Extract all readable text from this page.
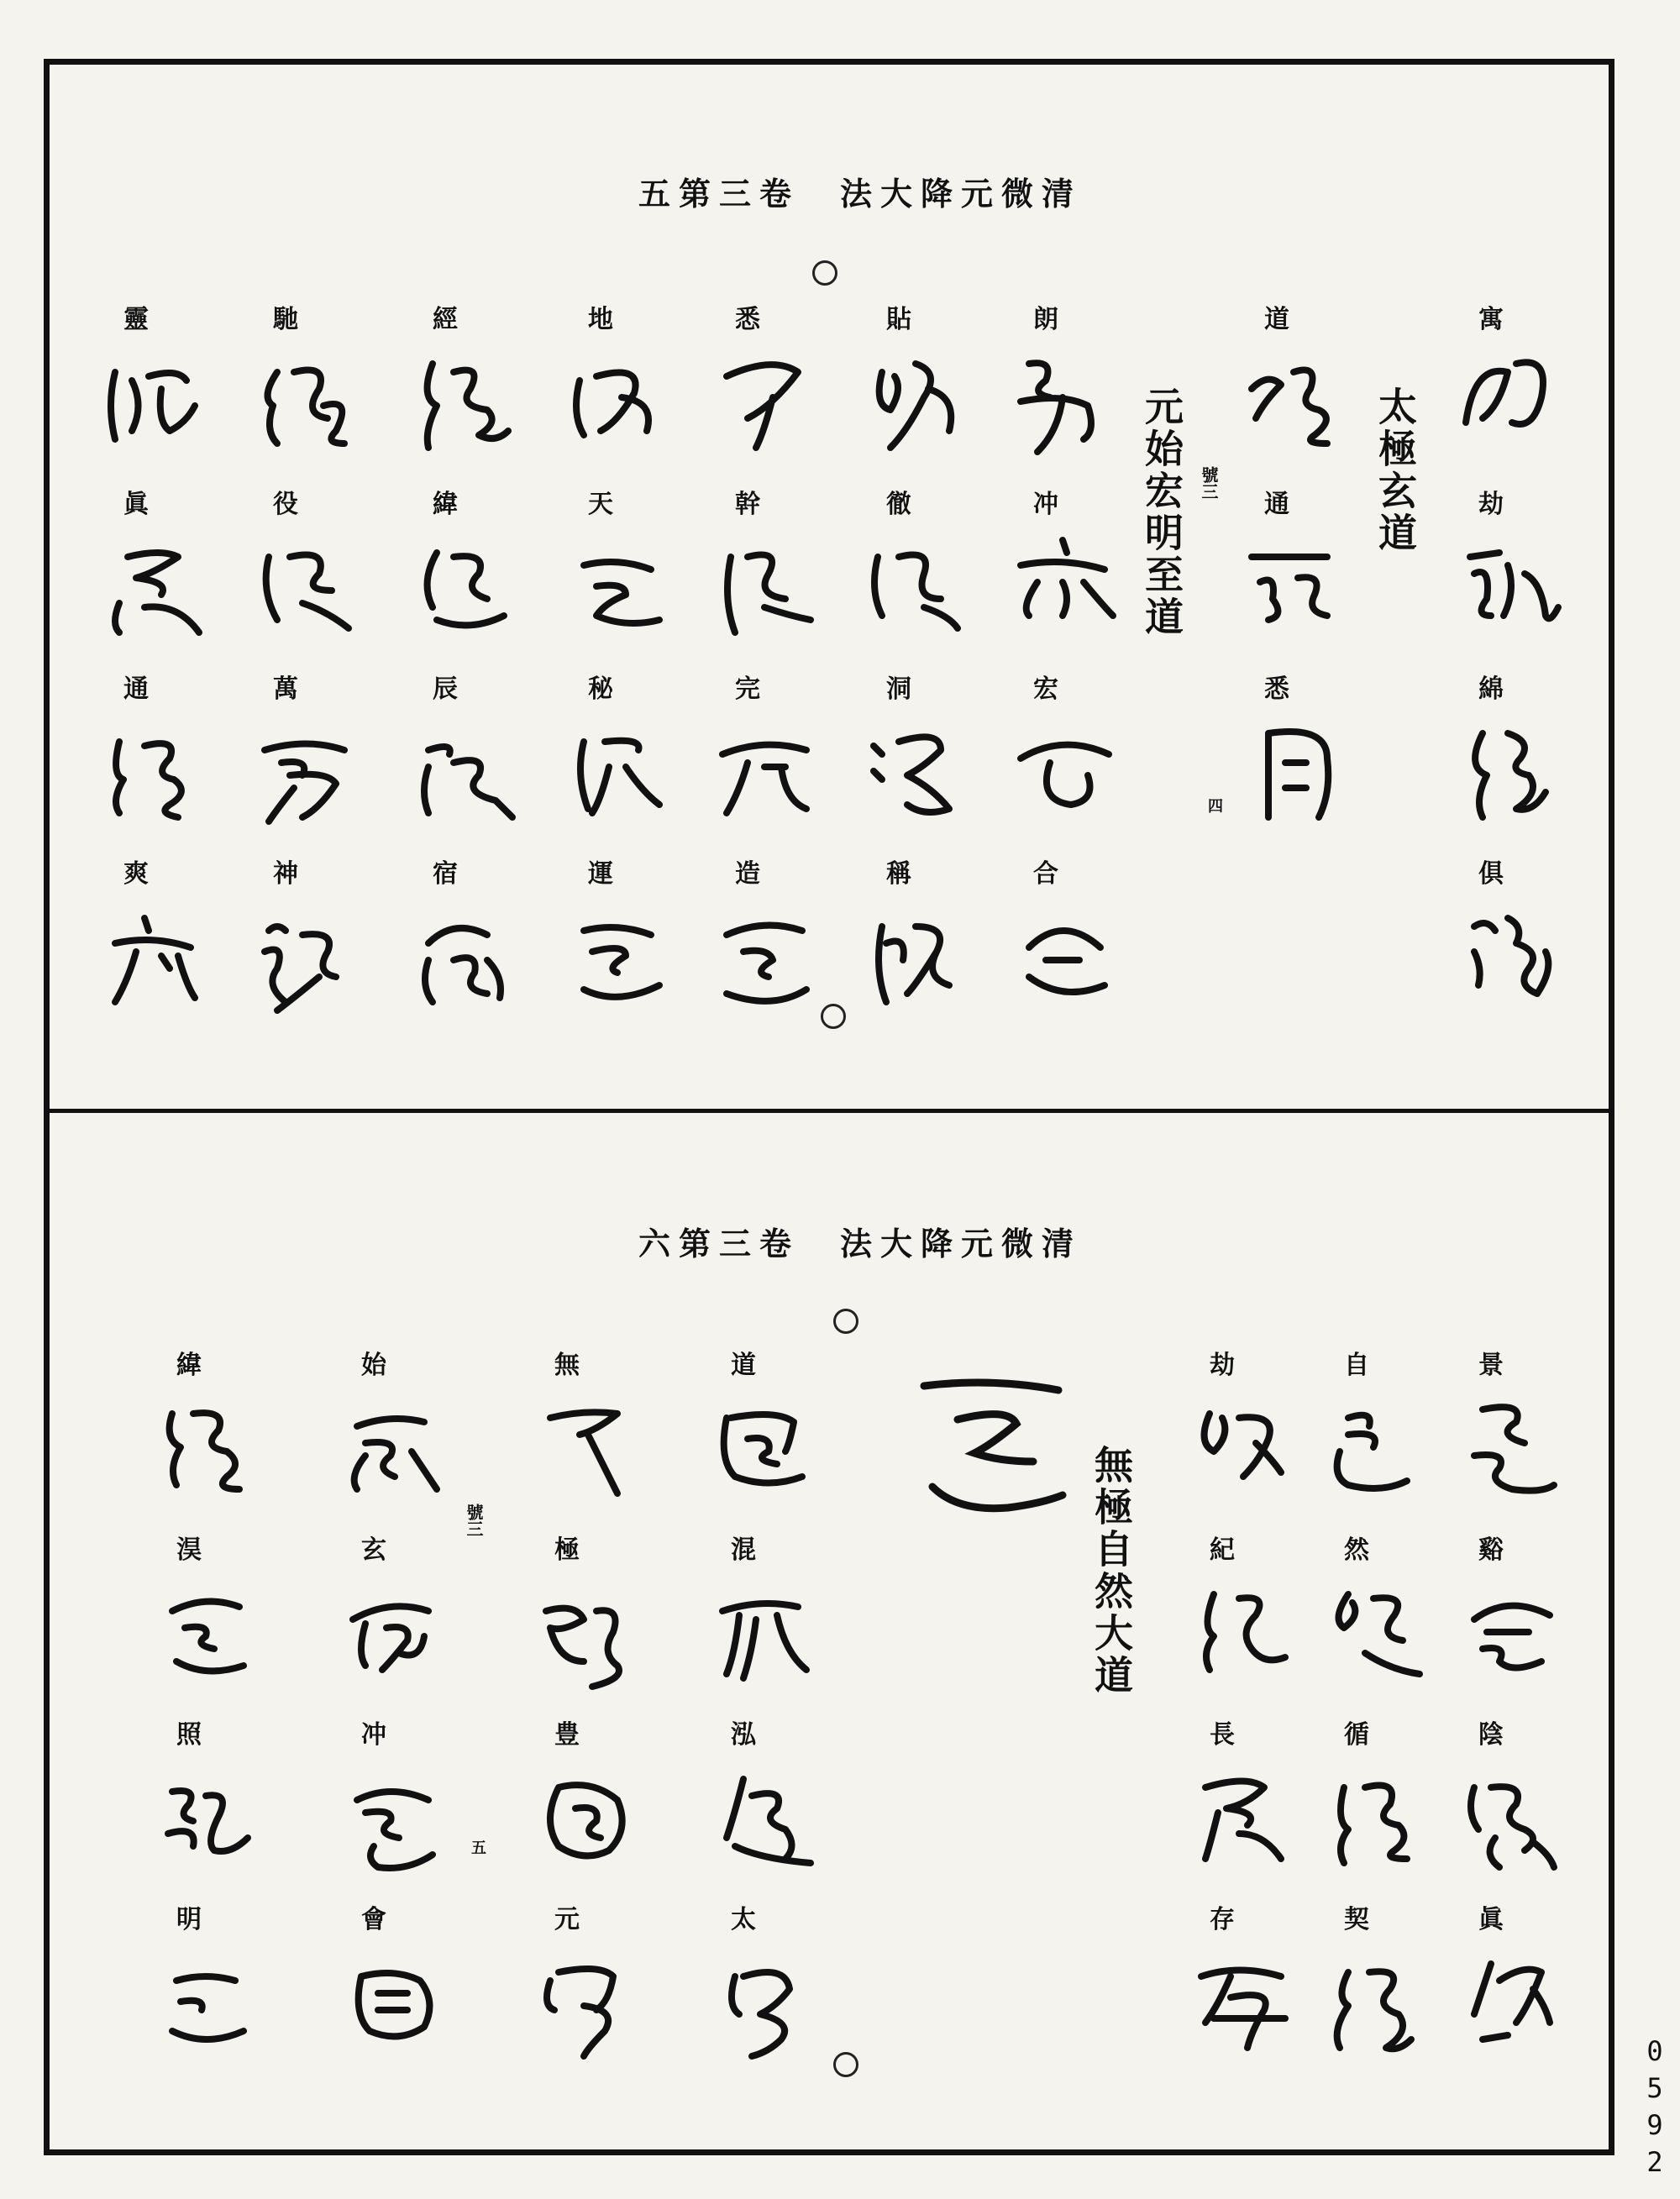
五第三卷　法大降元微清
太極玄道
元始宏明至道 號三
四
寓
劫
綿
俱
道
通
悉
朗
冲
宏
合
貼
徹
洞
稱
悉
幹
完
造
地
天
秘
運
經
緯
辰
宿
馳
役
萬
神
靈
眞
通
爽
六第三卷　法大降元微清
無極自然大道
號三
五
景
谿
陰
眞
自
然
循
契
劫
紀
長
存
道
混
泓
太
無
極
豊
元
始
玄
冲
會
緯
淏
照
明
0
5
9
2
